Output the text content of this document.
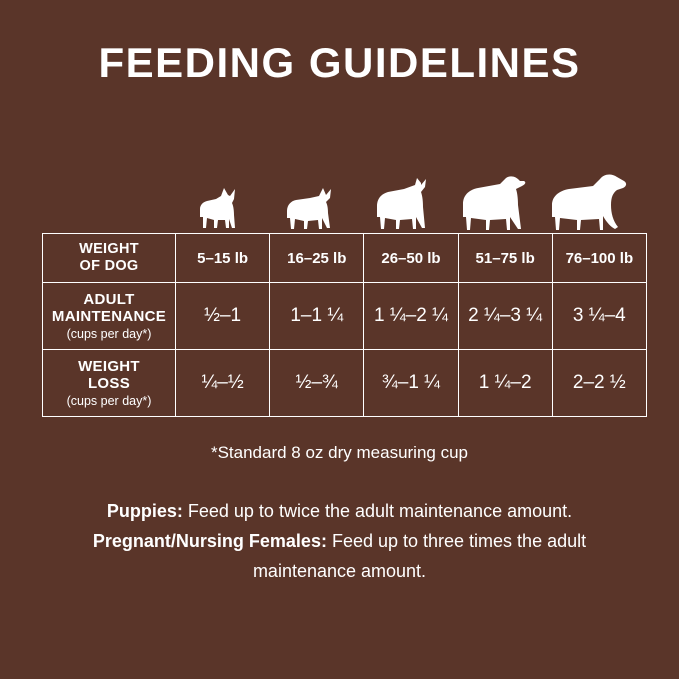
FEEDING GUIDELINES
WEIGHT
OF DOG	5–15 lb	16–25 lb	26–50 lb	51–75 lb	76–100 lb
ADULT
MAINTENANCE
(cups per day*)	½–1	1–1 ¼	1 ¼–2 ¼	2 ¼–3 ¼	3 ¼–4
WEIGHT
LOSS
(cups per day*)	¼–½	½–¾	¾–1 ¼	1 ¼–2	2–2 ½
*Standard 8 oz dry measuring cup

Puppies: Feed up to twice the adult maintenance amount.

Pregnant/Nursing Females: Feed up to three times the adult

maintenance amount.
